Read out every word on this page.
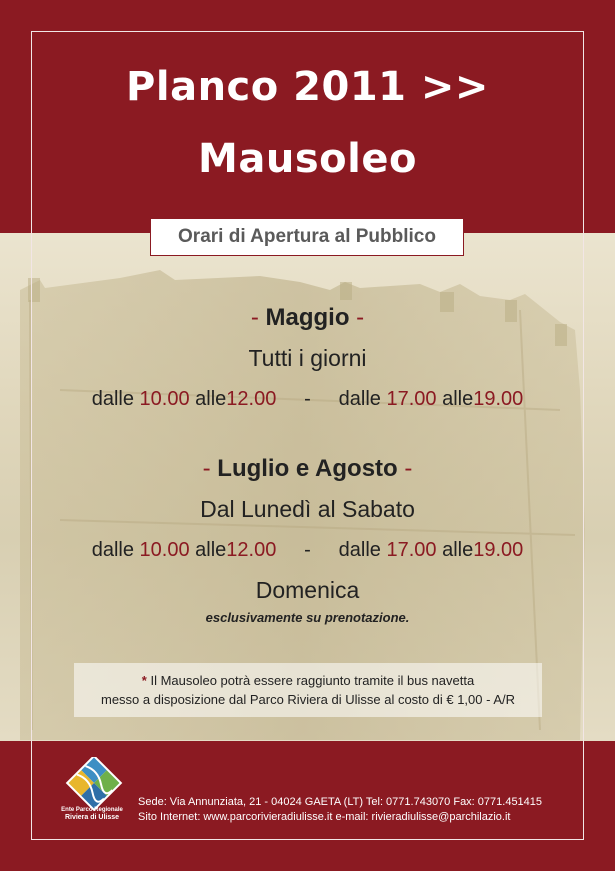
Planco 2011 >>
Mausoleo
Orari di Apertura al Pubblico
- Maggio -
Tutti i giorni
dalle 10.00 alle12.00 - dalle 17.00 alle19.00
- Luglio e Agosto -
Dal Lunedì al Sabato
dalle 10.00 alle12.00 - dalle 17.00 alle19.00
Domenica
esclusivamente su prenotazione.
* Il Mausoleo potrà essere raggiunto tramite il bus navetta
messo a disposizione dal Parco Riviera di Ulisse al costo di € 1,00 - A/R
Ente Parco Regionale
Riviera di Ulisse
Sede: Via Annunziata, 21 - 04024 GAETA (LT) Tel: 0771.743070 Fax: 0771.451415
Sito Internet: www.parcorivieradiulisse.it e-mail: rivieradiulisse@parchilazio.it
